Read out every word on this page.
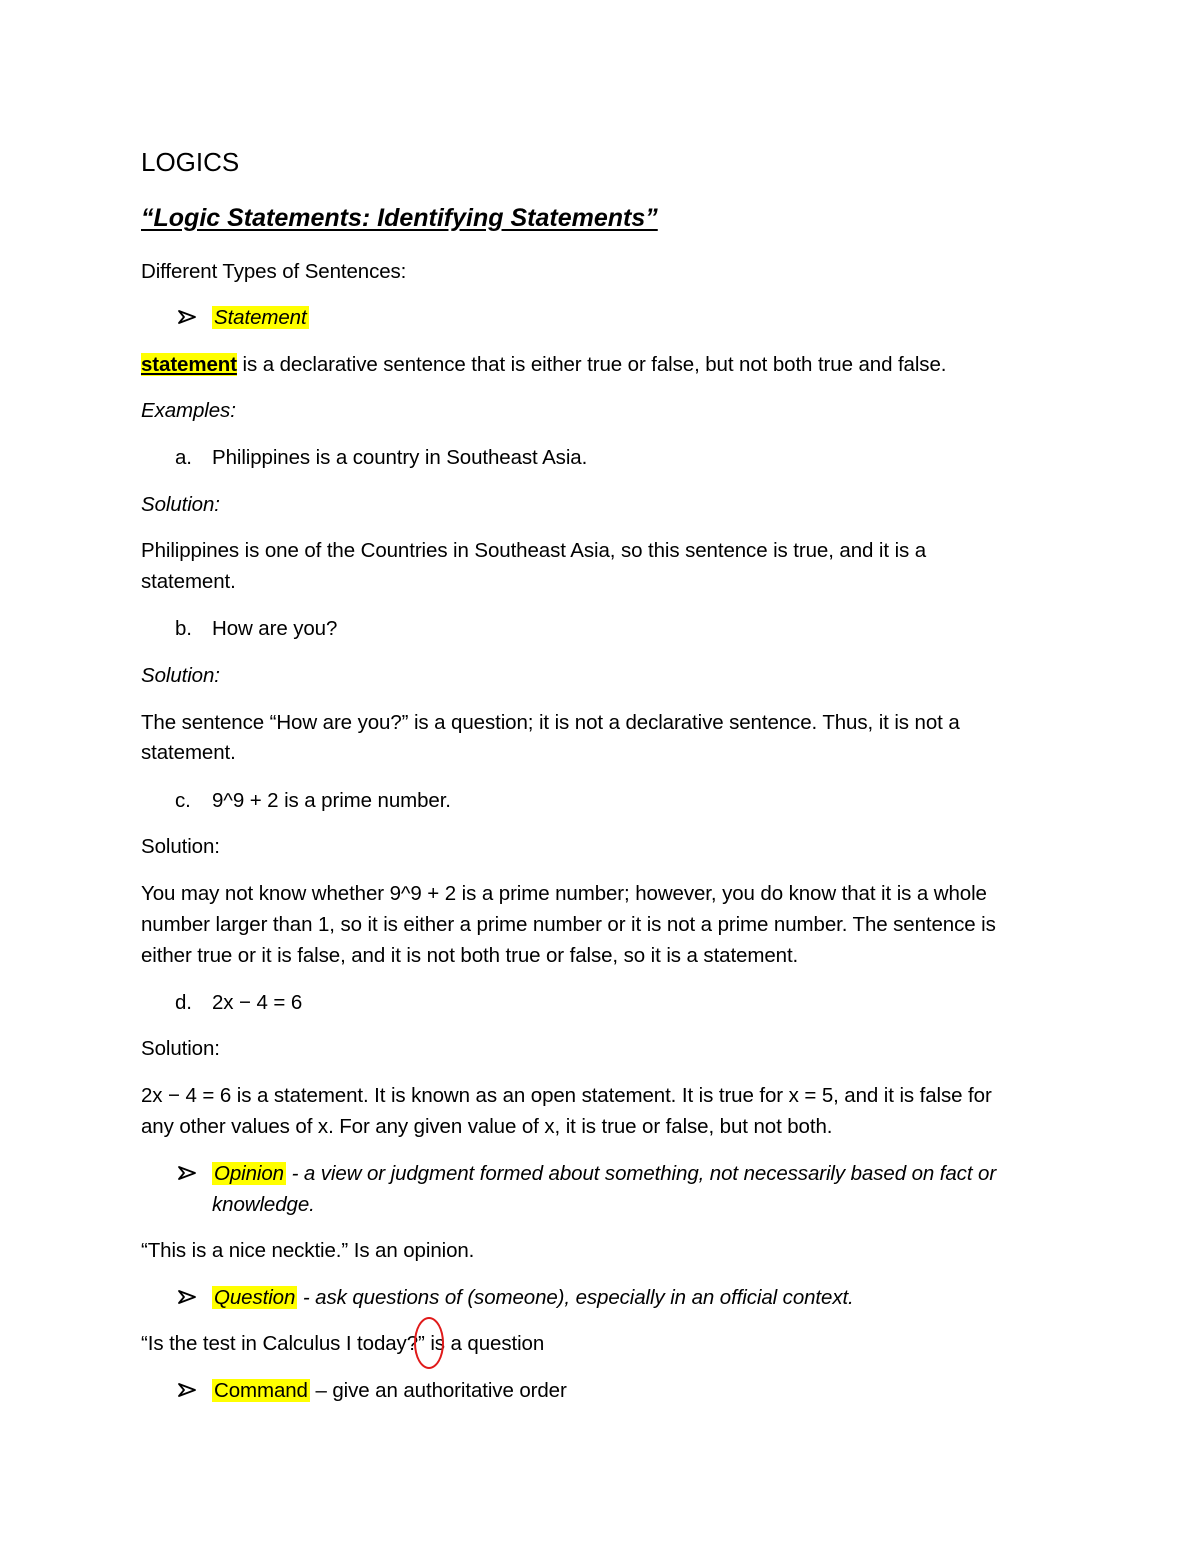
LOGICS
“Logic Statements: Identifying Statements”
Different Types of Sentences:
Statement
statement is a declarative sentence that is either true or false, but not both true and false.
Examples:
a. Philippines is a country in Southeast Asia.
Solution:
Philippines is one of the Countries in Southeast Asia, so this sentence is true, and it is a
statement.
b. How are you?
Solution:
The sentence “How are you?” is a question; it is not a declarative sentence. Thus, it is not a
statement.
c. 9^9 + 2 is a prime number.
Solution:
You may not know whether 9^9 + 2 is a prime number; however, you do know that it is a whole
number larger than 1, so it is either a prime number or it is not a prime number. The sentence is
either true or it is false, and it is not both true or false, so it is a statement.
d. 2x − 4 = 6
Solution:
2x − 4 = 6 is a statement. It is known as an open statement. It is true for x = 5, and it is false for
any other values of x. For any given value of x, it is true or false, but not both.
Opinion - a view or judgment formed about something, not necessarily based on fact or
knowledge.
“This is a nice necktie.” Is an opinion.
Question - ask questions of (someone), especially in an official context.
“Is the test in Calculus I today?” is a question
Command – give an authoritative order
